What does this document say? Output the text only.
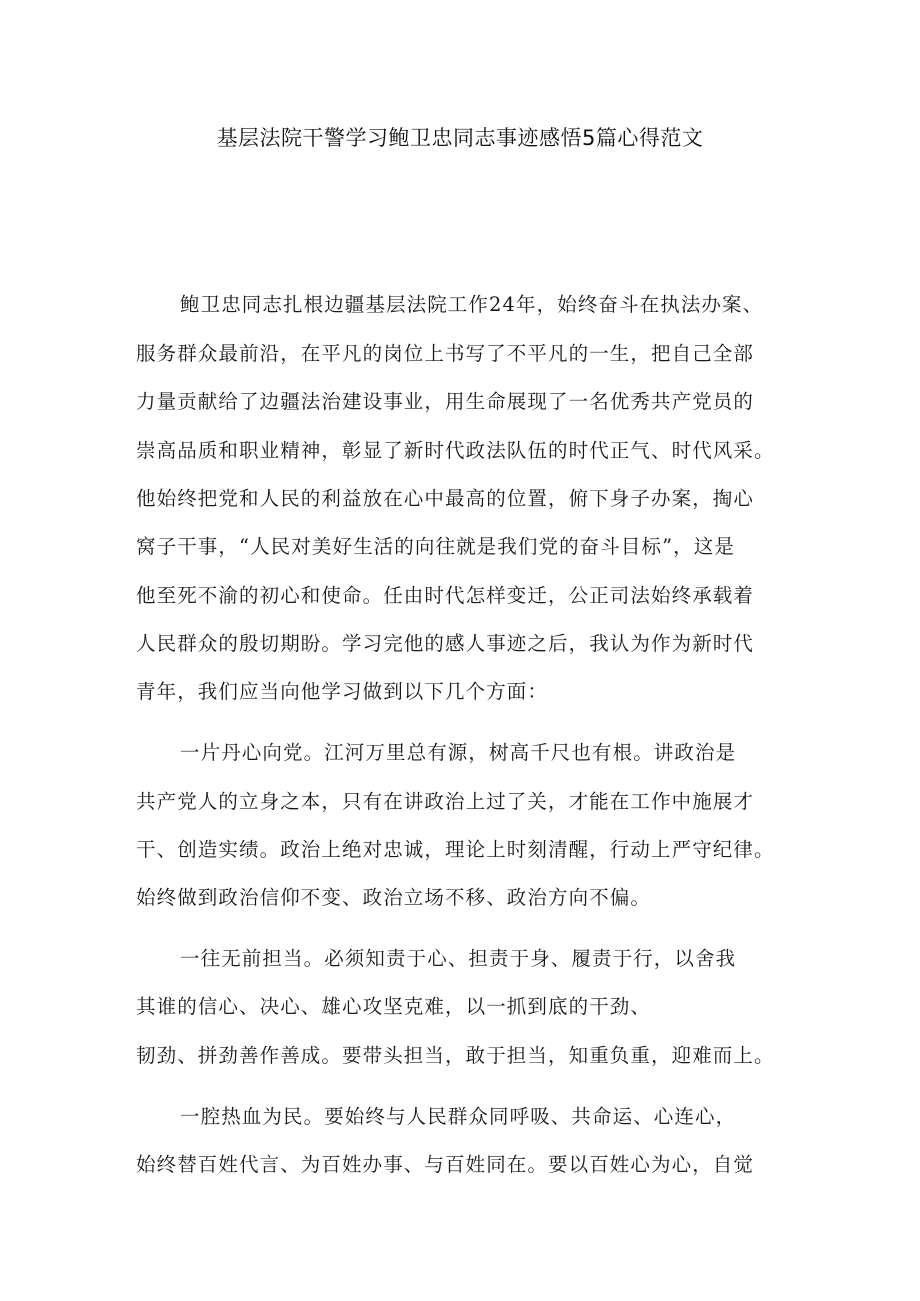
基层法院干警学习鲍卫忠同志事迹感悟5篇心得范文
鲍卫忠同志扎根边疆基层法院工作24年，始终奋斗在执法办案、
服务群众最前沿，在平凡的岗位上书写了不平凡的一生，把自己全部
力量贡献给了边疆法治建设事业，用生命展现了一名优秀共产党员的
崇高品质和职业精神，彰显了新时代政法队伍的时代正气、时代风采。
他始终把党和人民的利益放在心中最高的位置，俯下身子办案，掏心
窝子干事，“人民对美好生活的向往就是我们党的奋斗目标”，这是
他至死不渝的初心和使命。任由时代怎样变迁，公正司法始终承载着
人民群众的殷切期盼。学习完他的感人事迹之后，我认为作为新时代
青年，我们应当向他学习做到以下几个方面：
一片丹心向党。江河万里总有源，树高千尺也有根。讲政治是
共产党人的立身之本，只有在讲政治上过了关，才能在工作中施展才
干、创造实绩。政治上绝对忠诚，理论上时刻清醒，行动上严守纪律。
始终做到政治信仰不变、政治立场不移、政治方向不偏。
一往无前担当。必须知责于心、担责于身、履责于行，以舍我
其谁的信心、决心、雄心攻坚克难，以一抓到底的干劲、
韧劲、拼劲善作善成。要带头担当，敢于担当，知重负重，迎难而上。
一腔热血为民。要始终与人民群众同呼吸、共命运、心连心，
始终替百姓代言、为百姓办事、与百姓同在。要以百姓心为心，自觉
